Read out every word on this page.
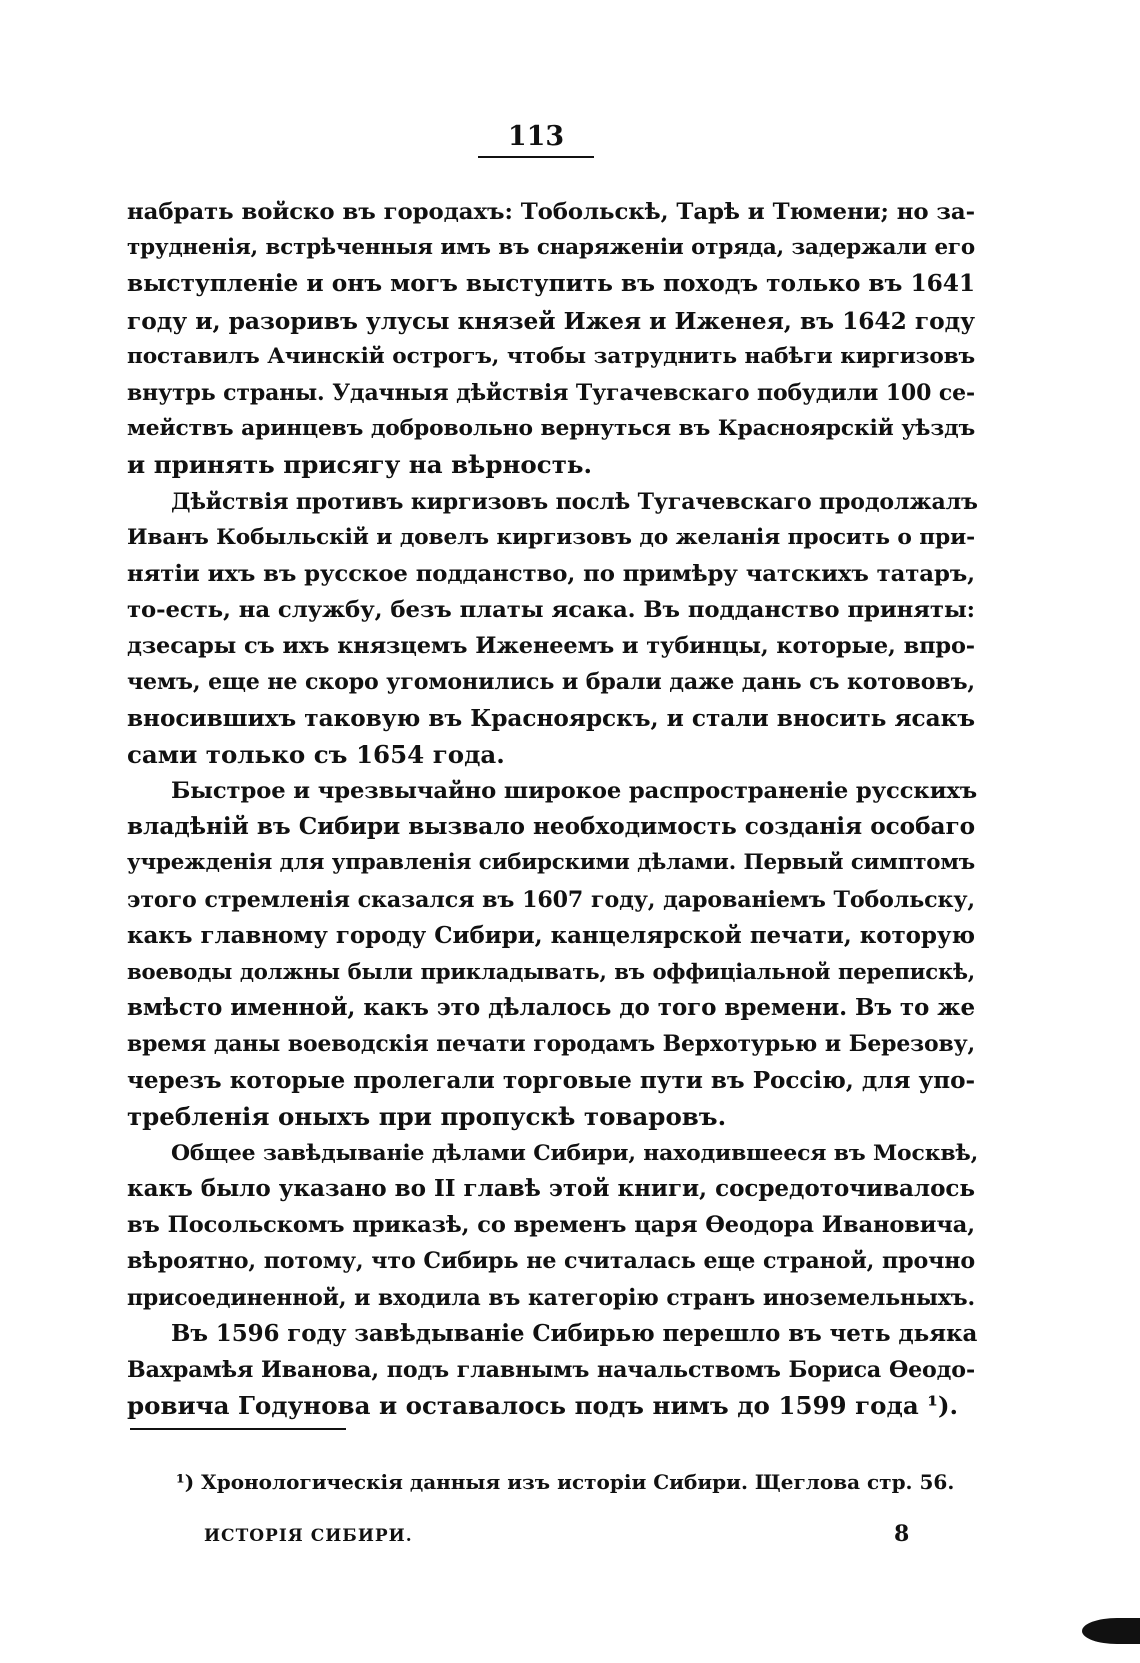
113
набрать войско въ городахъ: Тобольскѣ, Тарѣ и Тюмени; но за-
трудненія, встрѣченныя имъ въ снаряженіи отряда, задержали его
выступленіе и онъ могъ выступить въ походъ только въ 1641
году и, разоривъ улусы князей Ижея и Иженея, въ 1642 году
поставилъ Ачинскій острогъ, чтобы затруднить набѣги киргизовъ
внутрь страны. Удачныя дѣйствія Тугачевскаго побудили 100 се-
мействъ аринцевъ добровольно вернуться въ Красноярскій уѣздъ
и принять присягу на вѣрность.
Дѣйствія противъ киргизовъ послѣ Тугачевскаго продолжалъ
Иванъ Кобыльскій и довелъ киргизовъ до желанія просить о при-
нятіи ихъ въ русское подданство, по примѣру чатскихъ татаръ,
то-есть, на службу, безъ платы ясака. Въ подданство приняты:
дзесары съ ихъ князцемъ Иженеемъ и тубинцы, которые, впро-
чемъ, еще не скоро угомонились и брали даже дань съ котововъ,
вносившихъ таковую въ Красноярскъ, и стали вносить ясакъ
сами только съ 1654 года.
Быстрое и чрезвычайно широкое распространеніе русскихъ
владѣній въ Сибири вызвало необходимость созданія особаго
учрежденія для управленія сибирскими дѣлами. Первый симптомъ
этого стремленія сказался въ 1607 году, дарованіемъ Тобольску,
какъ главному городу Сибири, канцелярской печати, которую
воеводы должны были прикладывать, въ оффиціальной перепискѣ,
вмѣсто именной, какъ это дѣлалось до того времени. Въ то же
время даны воеводскія печати городамъ Верхотурью и Березову,
черезъ которые пролегали торговые пути въ Россію, для упо-
требленія оныхъ при пропускѣ товаровъ.
Общее завѣдываніе дѣлами Сибири, находившееся въ Москвѣ,
какъ было указано во II главѣ этой книги, сосредоточивалось
въ Посольскомъ приказѣ, со временъ царя Ѳеодора Ивановича,
вѣроятно, потому, что Сибирь не считалась еще страной, прочно
присоединенной, и входила въ категорію странъ иноземельныхъ.
Въ 1596 году завѣдываніе Сибирью перешло въ четь дьяка
Вахрамѣя Иванова, подъ главнымъ начальствомъ Бориса Ѳеодо-
ровича Годунова и оставалось подъ нимъ до 1599 года ¹).
¹) Хронологическія данныя изъ исторіи Сибири. Щеглова стр. 56.
ИСТОРІЯ СИБИРИ.	8
